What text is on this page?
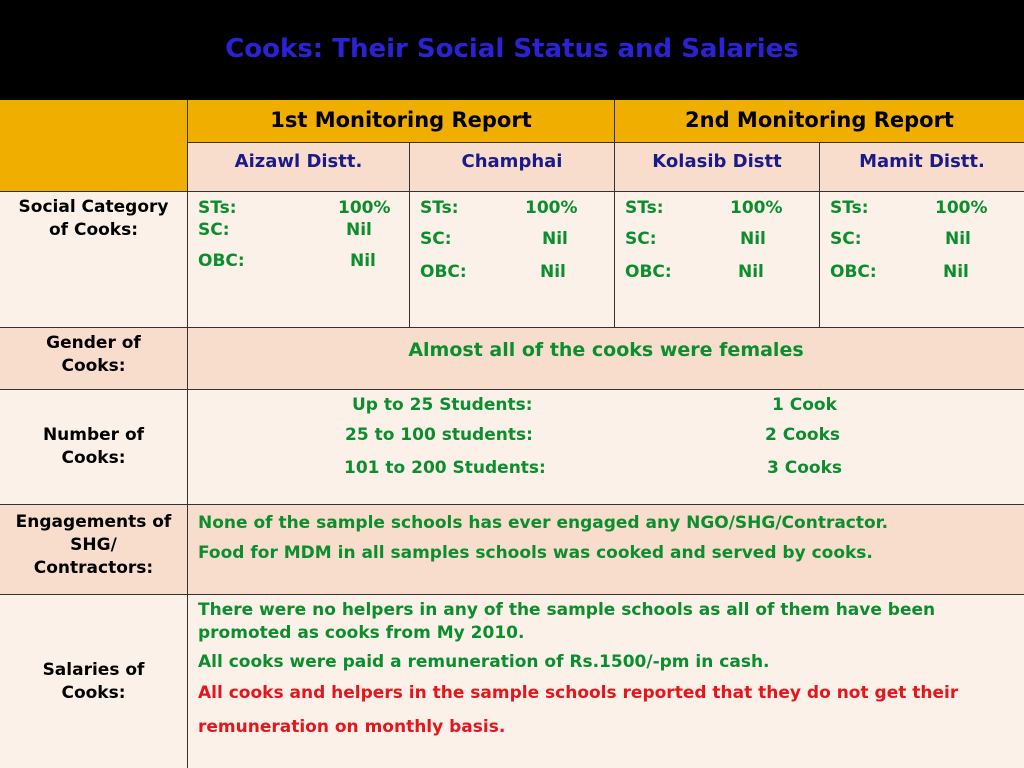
Cooks: Their Social Status and Salaries
1st Monitoring Report	2nd Monitoring Report
Aizawl Distt.	Champhai	Kolasib Distt	Mamit Distt.
Social Category of Cooks:
STs:	100%
SC:	Nil
OBC:	Nil
STs:	100%
SC:	Nil
OBC:	Nil
STs:	100%
SC:	Nil
OBC:	Nil
STs:	100%
SC:	Nil
OBC:	Nil
Gender of Cooks:
Almost all of the cooks were females
Number of Cooks:
Up to 25 Students:	1 Cook
25 to 100 students:	2 Cooks
101 to 200 Students:	3 Cooks
Engagements of SHG/ Contractors:
None of the sample schools has ever engaged any NGO/SHG/Contractor.
Food for MDM in all samples schools was cooked and served by cooks.
Salaries of Cooks:
There were no helpers in any of the sample schools as all of them have been promoted as cooks from My 2010.
All cooks were paid a remuneration of Rs.1500/-pm in cash.
All cooks and helpers in the sample schools reported that they do not get their remuneration on monthly basis.
